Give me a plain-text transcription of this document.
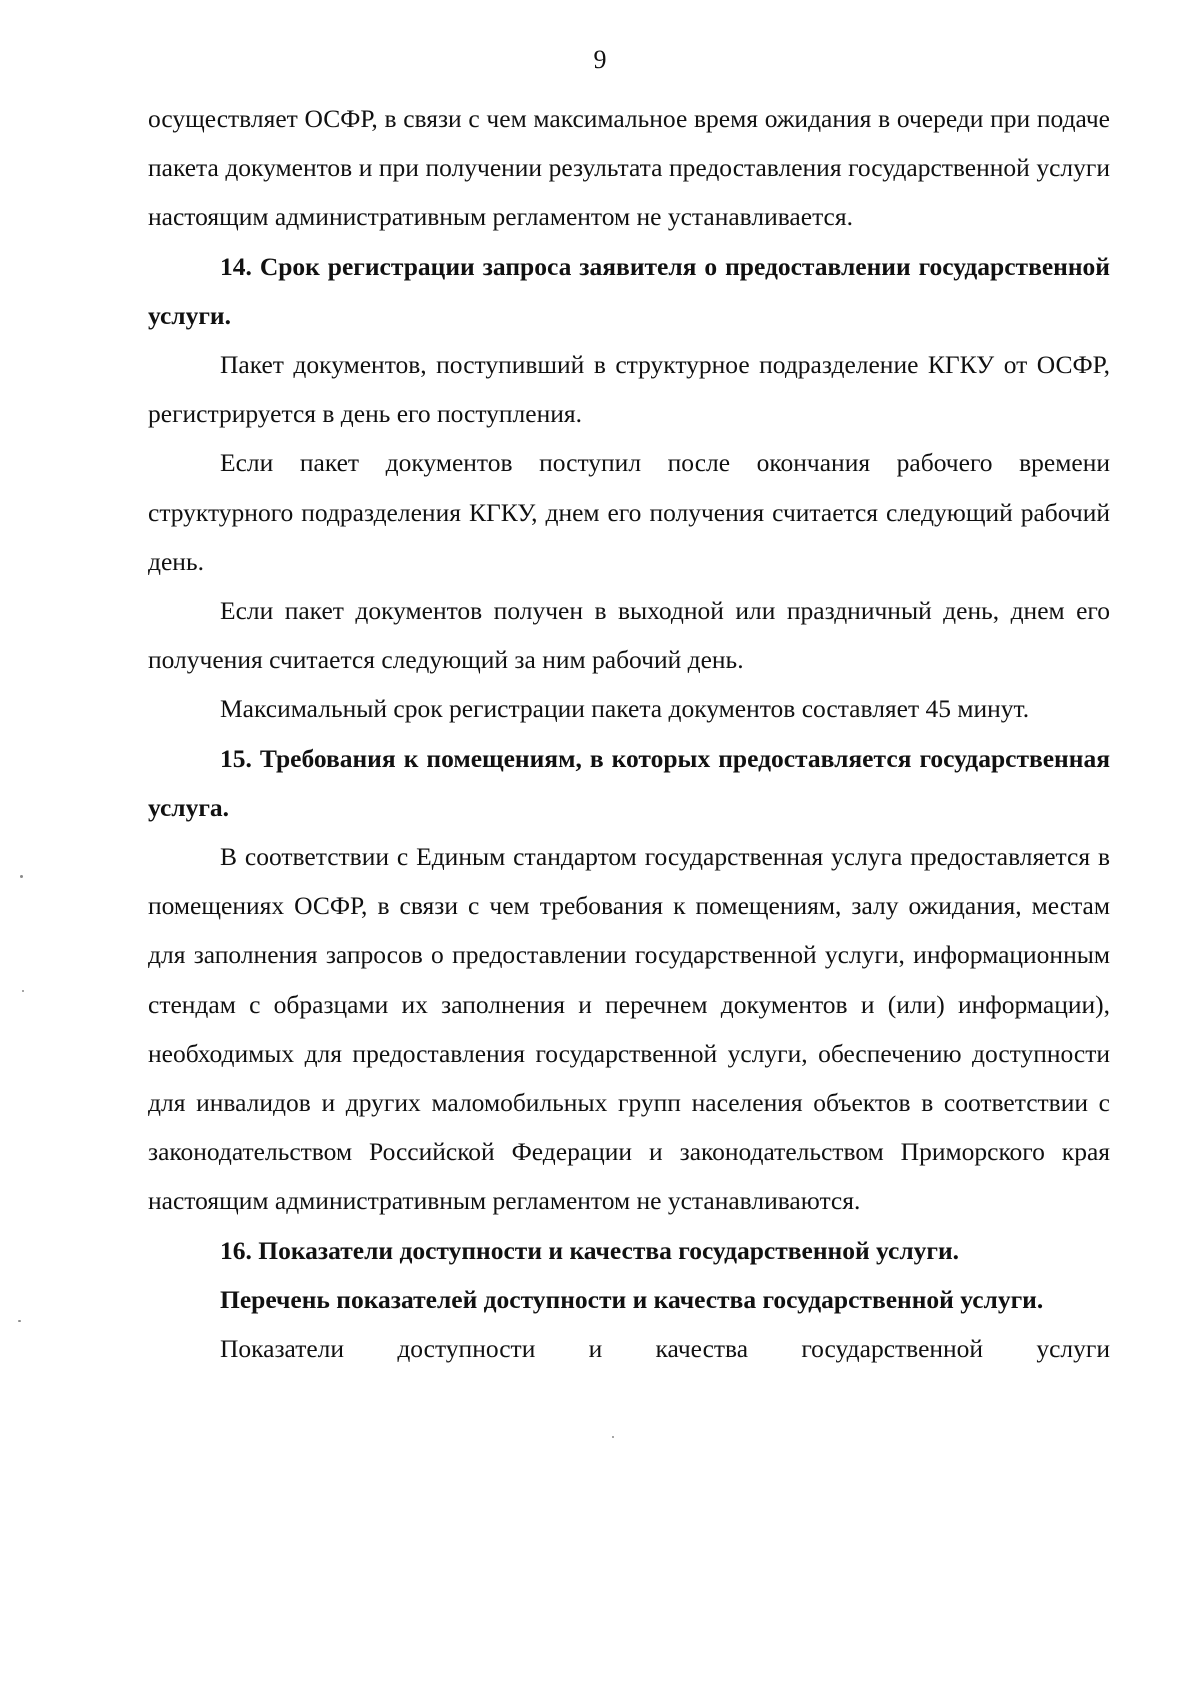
9

осуществляет ОСФР, в связи с чем максимальное время ожидания в очереди при подаче пакета документов и при получении результата предоставления государственной услуги настоящим административным регламентом не устанавливается.

14. Срок регистрации запроса заявителя о предоставлении государственной услуги.

Пакет документов, поступивший в структурное подразделение КГКУ от ОСФР, регистрируется в день его поступления.

Если пакет документов поступил после окончания рабочего времени структурного подразделения КГКУ, днем его получения считается следующий рабочий день.

Если пакет документов получен в выходной или праздничный день, днем его получения считается следующий за ним рабочий день.

Максимальный срок регистрации пакета документов составляет 45 минут.

15. Требования к помещениям, в которых предоставляется государственная услуга.

В соответствии с Единым стандартом государственная услуга предоставляется в помещениях ОСФР, в связи с чем требования к помещениям, залу ожидания, местам для заполнения запросов о предоставлении государственной услуги, информационным стендам с образцами их заполнения и перечнем документов и (или) информации), необходимых для предоставления государственной услуги, обеспечению доступности для инвалидов и других маломобильных групп населения объектов в соответствии с законодательством Российской Федерации и законодательством Приморского края настоящим административным регламентом не устанавливаются.

16. Показатели доступности и качества государственной услуги.

Перечень показателей доступности и качества государственной услуги.

Показатели доступности и качества государственной услуги
